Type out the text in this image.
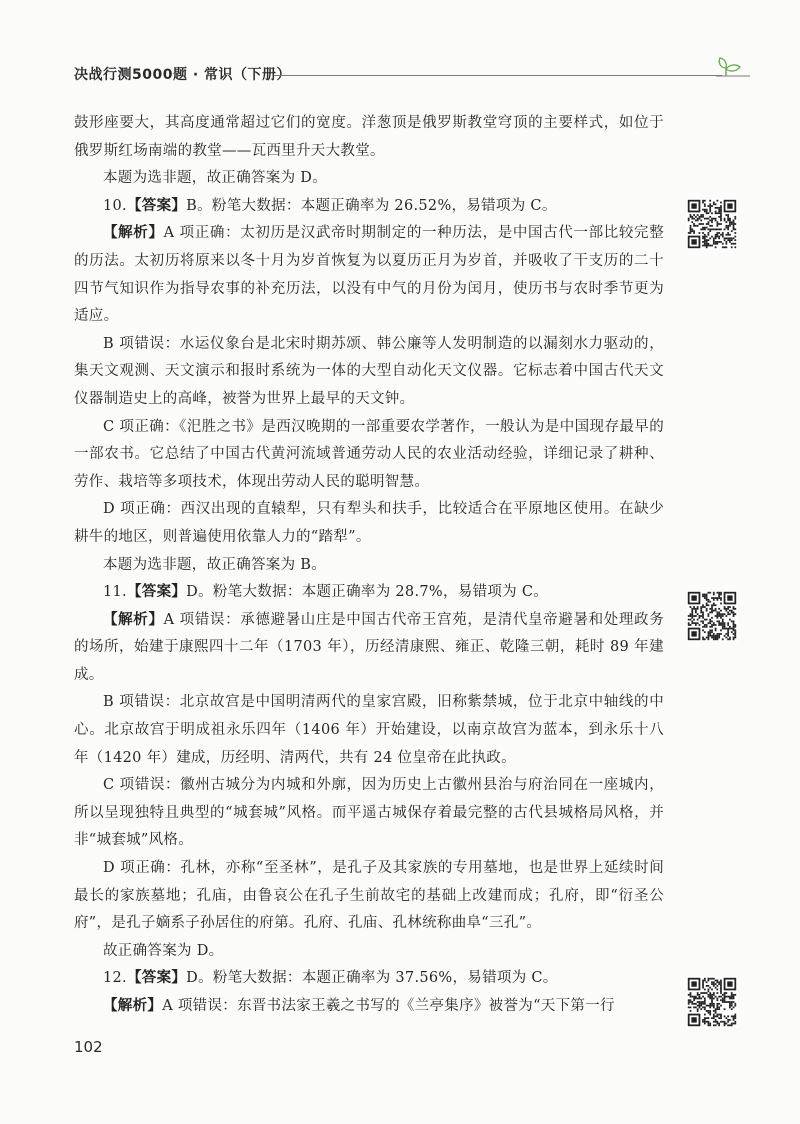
决战行测5000题 · 常识（下册）

鼓形座要大，其高度通常超过它们的宽度。洋葱顶是俄罗斯教堂穹顶的主要样式，如位于俄罗斯红场南端的教堂——瓦西里升天大教堂。

本题为选非题，故正确答案为 D。

10.【答案】B。粉笔大数据：本题正确率为 26.52%，易错项为 C。

【解析】A 项正确：太初历是汉武帝时期制定的一种历法，是中国古代一部比较完整的历法。太初历将原来以冬十月为岁首恢复为以夏历正月为岁首，并吸收了干支历的二十四节气知识作为指导农事的补充历法，以没有中气的月份为闰月，使历书与农时季节更为适应。

B 项错误：水运仪象台是北宋时期苏颂、韩公廉等人发明制造的以漏刻水力驱动的，集天文观测、天文演示和报时系统为一体的大型自动化天文仪器。它标志着中国古代天文仪器制造史上的高峰，被誉为世界上最早的天文钟。

C 项正确：《汜胜之书》是西汉晚期的一部重要农学著作，一般认为是中国现存最早的一部农书。它总结了中国古代黄河流域普通劳动人民的农业活动经验，详细记录了耕种、劳作、栽培等多项技术，体现出劳动人民的聪明智慧。

D 项正确：西汉出现的直辕犁，只有犁头和扶手，比较适合在平原地区使用。在缺少耕牛的地区，则普遍使用依靠人力的“踏犁”。

本题为选非题，故正确答案为 B。

11.【答案】D。粉笔大数据：本题正确率为 28.7%，易错项为 C。

【解析】A 项错误：承德避暑山庄是中国古代帝王宫苑，是清代皇帝避暑和处理政务的场所，始建于康熙四十二年（1703 年），历经清康熙、雍正、乾隆三朝，耗时 89 年建成。

B 项错误：北京故宫是中国明清两代的皇家宫殿，旧称紫禁城，位于北京中轴线的中心。北京故宫于明成祖永乐四年（1406 年）开始建设，以南京故宫为蓝本，到永乐十八年（1420 年）建成，历经明、清两代，共有 24 位皇帝在此执政。

C 项错误：徽州古城分为内城和外廓，因为历史上古徽州县治与府治同在一座城内，所以呈现独特且典型的“城套城”风格。而平遥古城保存着最完整的古代县城格局风格，并非“城套城”风格。

D 项正确：孔林，亦称“至圣林”，是孔子及其家族的专用墓地，也是世界上延续时间最长的家族墓地；孔庙，由鲁哀公在孔子生前故宅的基础上改建而成；孔府，即“衍圣公府”，是孔子嫡系子孙居住的府第。孔府、孔庙、孔林统称曲阜“三孔”。

故正确答案为 D。

12.【答案】D。粉笔大数据：本题正确率为 37.56%，易错项为 C。

【解析】A 项错误：东晋书法家王羲之书写的《兰亭集序》被誉为“天下第一行

102
